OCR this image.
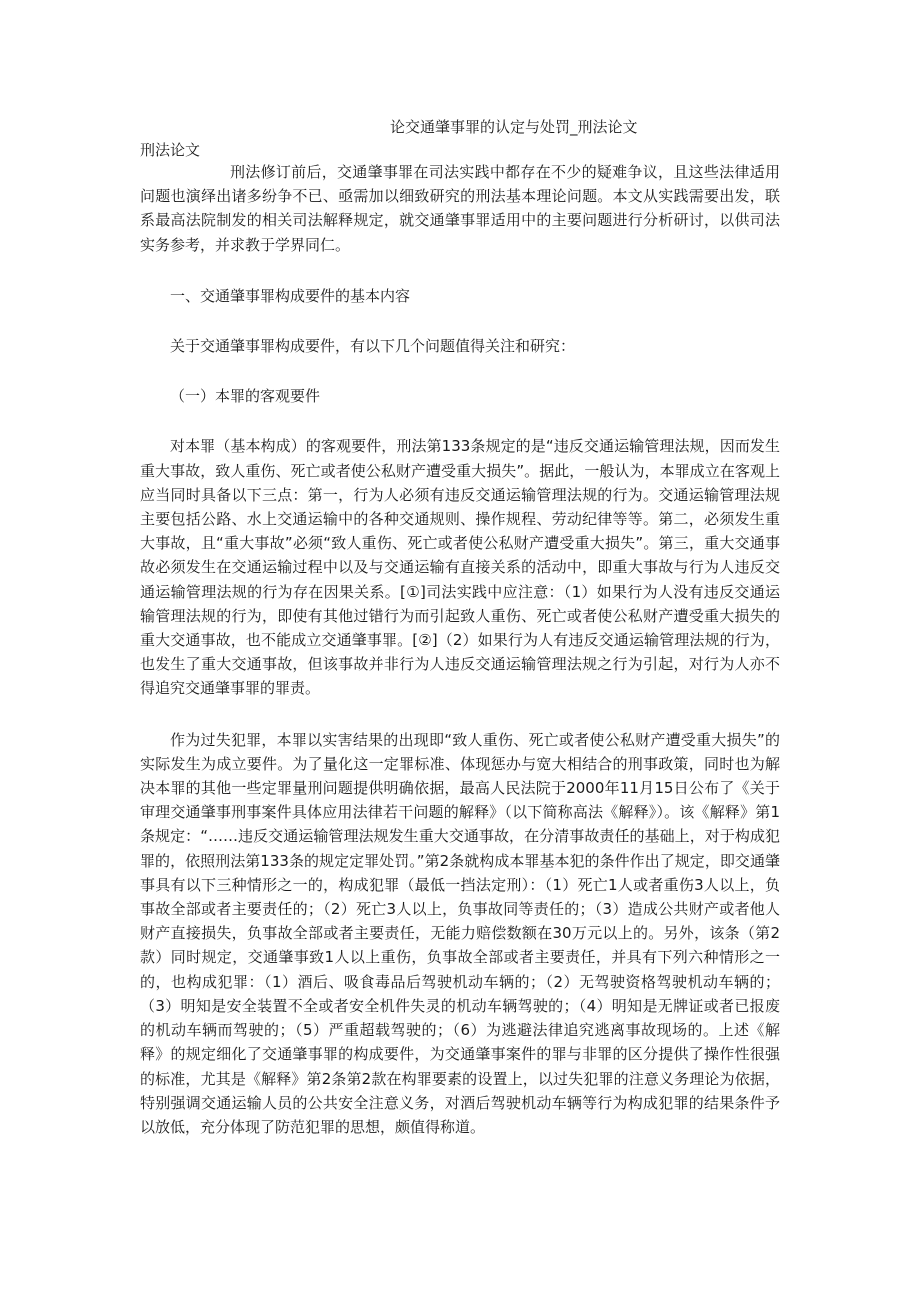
论交通肇事罪的认定与处罚_刑法论文
刑法论文

刑法修订前后，交通肇事罪在司法实践中都存在不少的疑难争议，且这些法律适用问题也演绎出诸多纷争不已、亟需加以细致研究的刑法基本理论问题。本文从实践需要出发，联系最高法院制发的相关司法解释规定，就交通肇事罪适用中的主要问题进行分析研讨，以供司法实务参考，并求教于学界同仁。

一、交通肇事罪构成要件的基本内容

关于交通肇事罪构成要件，有以下几个问题值得关注和研究：

（一）本罪的客观要件

对本罪（基本构成）的客观要件，刑法第133条规定的是“违反交通运输管理法规，因而发生重大事故，致人重伤、死亡或者使公私财产遭受重大损失”。据此，一般认为，本罪成立在客观上应当同时具备以下三点：第一，行为人必须有违反交通运输管理法规的行为。交通运输管理法规主要包括公路、水上交通运输中的各种交通规则、操作规程、劳动纪律等等。第二，必须发生重大事故，且“重大事故”必须“致人重伤、死亡或者使公私财产遭受重大损失”。第三，重大交通事故必须发生在交通运输过程中以及与交通运输有直接关系的活动中，即重大事故与行为人违反交通运输管理法规的行为存在因果关系。[①]司法实践中应注意：（1）如果行为人没有违反交通运输管理法规的行为，即使有其他过错行为而引起致人重伤、死亡或者使公私财产遭受重大损失的重大交通事故，也不能成立交通肇事罪。[②]（2）如果行为人有违反交通运输管理法规的行为，也发生了重大交通事故，但该事故并非行为人违反交通运输管理法规之行为引起，对行为人亦不得追究交通肇事罪的罪责。

作为过失犯罪，本罪以实害结果的出现即“致人重伤、死亡或者使公私财产遭受重大损失”的实际发生为成立要件。为了量化这一定罪标准、体现惩办与宽大相结合的刑事政策，同时也为解决本罪的其他一些定罪量刑问题提供明确依据，最高人民法院于2000年11月15日公布了《关于审理交通肇事刑事案件具体应用法律若干问题的解释》（以下简称高法《解释》）。该《解释》第1条规定：“……违反交通运输管理法规发生重大交通事故，在分清事故责任的基础上，对于构成犯罪的，依照刑法第133条的规定定罪处罚。”第2条就构成本罪基本犯的条件作出了规定，即交通肇事具有以下三种情形之一的，构成犯罪（最低一挡法定刑）：（1）死亡1人或者重伤3人以上，负事故全部或者主要责任的；（2）死亡3人以上，负事故同等责任的；（3）造成公共财产或者他人财产直接损失，负事故全部或者主要责任，无能力赔偿数额在30万元以上的。另外，该条（第2款）同时规定，交通肇事致1人以上重伤，负事故全部或者主要责任，并具有下列六种情形之一的，也构成犯罪：（1）酒后、吸食毒品后驾驶机动车辆的；（2）无驾驶资格驾驶机动车辆的；（3）明知是安全装置不全或者安全机件失灵的机动车辆驾驶的；（4）明知是无牌证或者已报废的机动车辆而驾驶的；（5）严重超载驾驶的；（6）为逃避法律追究逃离事故现场的。上述《解释》的规定细化了交通肇事罪的构成要件，为交通肇事案件的罪与非罪的区分提供了操作性很强的标准，尤其是《解释》第2条第2款在构罪要素的设置上，以过失犯罪的注意义务理论为依据，特别强调交通运输人员的公共安全注意义务，对酒后驾驶机动车辆等行为构成犯罪的结果条件予以放低，充分体现了防范犯罪的思想，颇值得称道。
